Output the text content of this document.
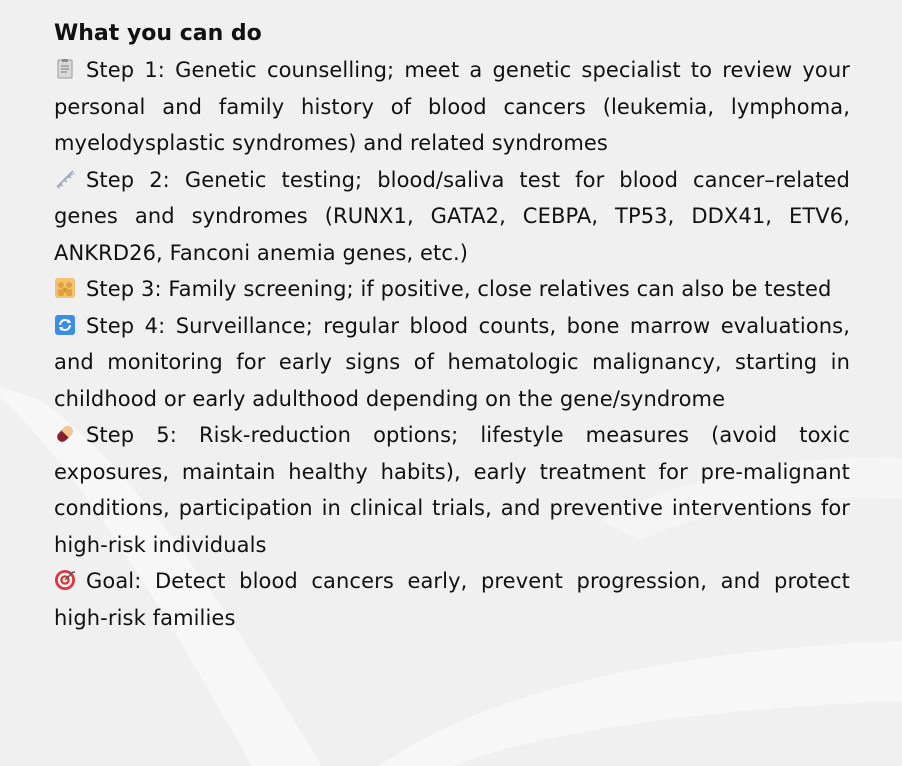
What you can do

Step 1: Genetic counselling; meet a genetic specialist to review your personal and family history of blood cancers (leukemia, lymphoma, myelodysplastic syndromes) and related syndromes

Step 2: Genetic testing; blood/saliva test for blood cancer–related genes and syndromes (RUNX1, GATA2, CEBPA, TP53, DDX41, ETV6, ANKRD26, Fanconi anemia genes, etc.)

Step 3: Family screening; if positive, close relatives can also be tested

Step 4: Surveillance; regular blood counts, bone marrow evaluations, and monitoring for early signs of hematologic malignancy, starting in childhood or early adulthood depending on the gene/syndrome

Step 5: Risk-reduction options; lifestyle measures (avoid toxic exposures, maintain healthy habits), early treatment for pre-malignant conditions, participation in clinical trials, and preventive interventions for high-risk individuals

Goal: Detect blood cancers early, prevent progression, and protect high-risk families
